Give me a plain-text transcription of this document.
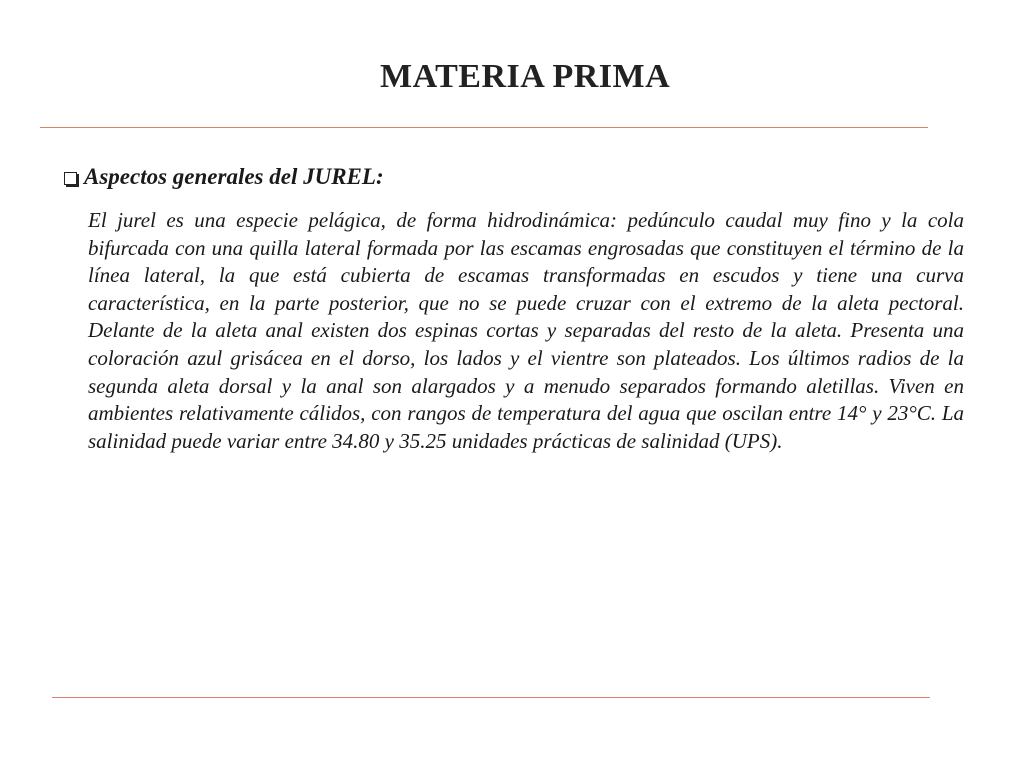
MATERIA PRIMA
Aspectos generales del JUREL:

El jurel es una especie pelágica, de forma hidrodinámica: pedúnculo caudal muy fino y la cola bifurcada con una quilla lateral formada por las escamas engrosadas que constituyen el término de la línea lateral, la que está cubierta de escamas transformadas en escudos y tiene una curva característica, en la parte posterior, que no se puede cruzar con el extremo de la aleta pectoral. Delante de la aleta anal existen dos espinas cortas y separadas del resto de la aleta. Presenta una coloración azul grisácea en el dorso, los lados y el vientre son plateados. Los últimos radios de la segunda aleta dorsal y la anal son alargados y a menudo separados formando aletillas. Viven en ambientes relativamente cálidos, con rangos de temperatura del agua que oscilan entre 14° y 23°C. La salinidad puede variar entre 34.80 y 35.25 unidades prácticas de salinidad (UPS).
